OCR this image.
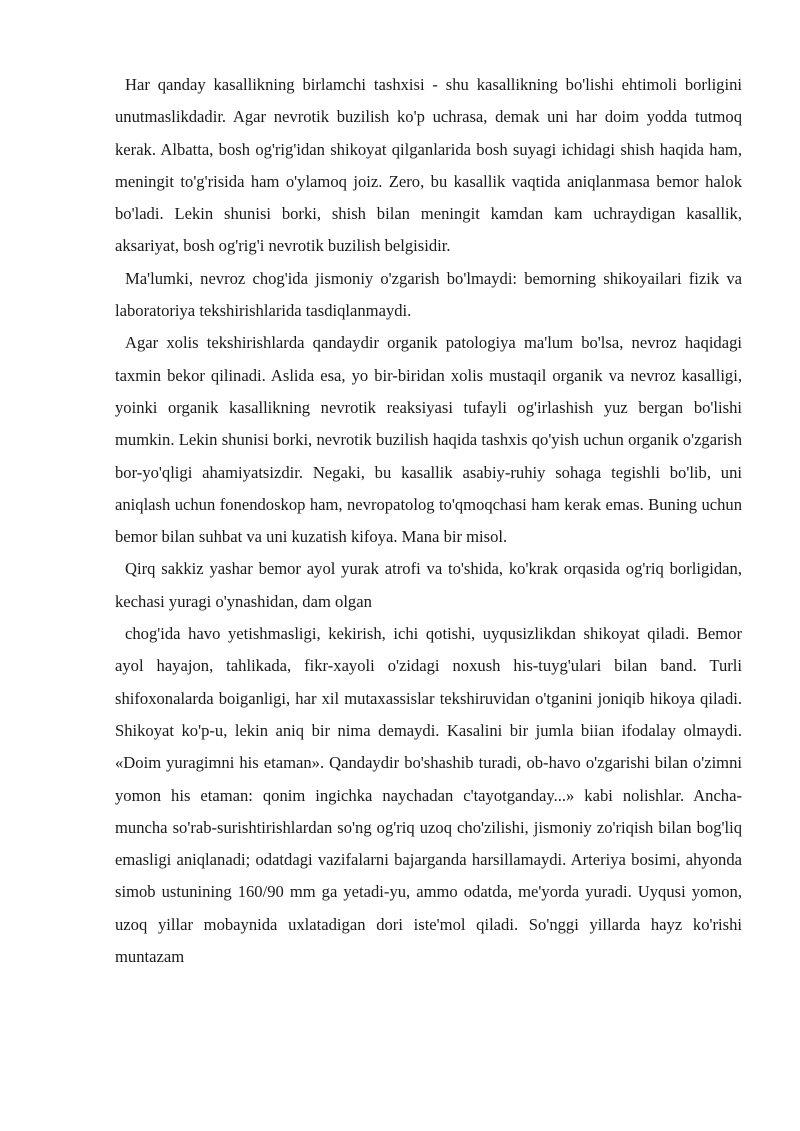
Har qanday kasallikning birlamchi tashxisi - shu kasallikning bo'lishi ehtimoli borligini unutmaslikdadir. Agar nevrotik buzilish ko'p uchrasa, demak uni har doim yodda tutmoq kerak. Albatta, bosh og'rig'idan shikoyat qilganlarida bosh suyagi ichidagi shish haqida ham, meningit to'g'risida ham o'ylamoq joiz. Zero, bu kasallik vaqtida aniqlanmasa bemor halok bo'ladi. Lekin shunisi borki, shish bilan meningit kamdan kam uchraydigan kasallik, aksariyat, bosh og'rig'i nevrotik buzilish belgisidir.

Ma'lumki, nevroz chog'ida jismoniy o'zgarish bo'lmaydi: bemorning shikoyailari fizik va laboratoriya tekshirishlarida tasdiqlanmaydi.

Agar xolis tekshirishlarda qandaydir organik patologiya ma'lum bo'lsa, nevroz haqidagi taxmin bekor qilinadi. Aslida esa, yo bir-biridan xolis mustaqil organik va nevroz kasalligi, yoinki organik kasallikning nevrotik reaksiyasi tufayli og'irlashish yuz bergan bo'lishi mumkin. Lekin shunisi borki, nevrotik buzilish haqida tashxis qo'yish uchun organik o'zgarish bor-yo'qligi ahamiyatsizdir. Negaki, bu kasallik asabiy-ruhiy sohaga tegishli bo'lib, uni aniqlash uchun fonendoskop ham, nevropatolog to'qmoqchasi ham kerak emas. Buning uchun bemor bilan suhbat va uni kuzatish kifoya. Mana bir misol.

Qirq sakkiz yashar bemor ayol yurak atrofi va to'shida, ko'krak orqasida og'riq borligidan, kechasi yuragi o'ynashidan, dam olgan

chog'ida havo yetishmasligi, kekirish, ichi qotishi, uyqusizlikdan shikoyat qiladi. Bemor ayol hayajon, tahlikada, fikr-xayoli o'zidagi noxush his-tuyg'ulari bilan band. Turli shifoxonalarda boiganligi, har xil mutaxassislar tekshiruvidan o'tganini joniqib hikoya qiladi. Shikoyat ko'p-u, lekin aniq bir nima demaydi. Kasalini bir jumla biian ifodalay olmaydi. «Doim yuragimni his etaman». Qandaydir bo'shashib turadi, ob-havo o'zgarishi bilan o'zimni yomon his etaman: qonim ingichka naychadan c'tayotganday...» kabi nolishlar. Ancha-muncha so'rab-surishtirishlardan so'ng og'riq uzoq cho'zilishi, jismoniy zo'riqish bilan bog'liq emasligi aniqlanadi; odatdagi vazifalarni bajarganda harsillamaydi. Arteriya bosimi, ahyonda simob ustunining 160/90 mm ga yetadi-yu, ammo odatda, me'yorda yuradi. Uyqusi yomon, uzoq yillar mobaynida uxlatadigan dori iste'mol qiladi. So'nggi yillarda hayz ko'rishi muntazam
